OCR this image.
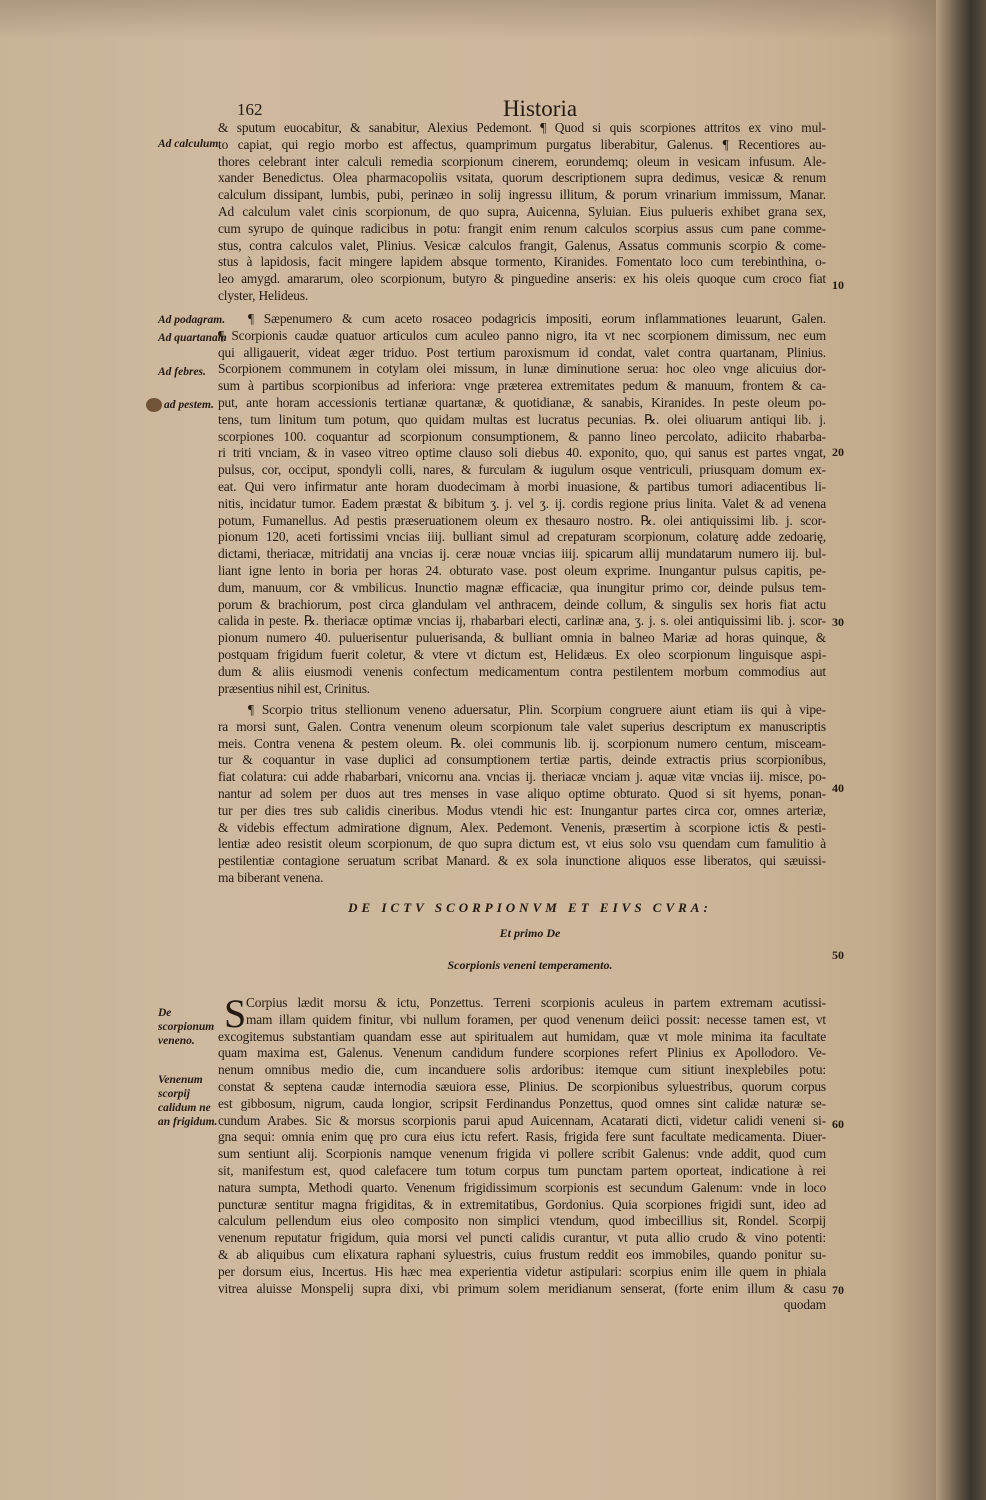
162	Historia
Ad calculum.
Ad podagram.
Ad quartanam
Ad febres.
ad pestem.
De scorpionum veneno.
Venenum scorpij calidum ne an frigidum.
10
20
30
40
50
60
70
& sputum euocabitur, & sanabitur, Alexius Pedemont. ¶ Quod si quis scorpiones attritos ex vino mul-
to capiat, qui regio morbo est affectus, quamprimum purgatus liberabitur, Galenus. ¶ Recentiores au-
thores celebrant inter calculi remedia scorpionum cinerem, eorundemq; oleum in vesicam infusum. Ale-
xander Benedictus. Olea pharmacopoliis vsitata, quorum descriptionem supra dedimus, vesicæ & renum
calculum dissipant, lumbis, pubi, perinæo in solij ingressu illitum, & porum vrinarium immissum, Manar.
Ad calculum valet cinis scorpionum, de quo supra, Auicenna, Syluian. Eius pulueris exhibet grana sex,
cum syrupo de quinque radicibus in potu: frangit enim renum calculos scorpius assus cum pane comme-
stus, contra calculos valet, Plinius. Vesicæ calculos frangit, Galenus, Assatus communis scorpio & come-
stus à lapidosis, facit mingere lapidem absque tormento, Kiranides. Fomentato loco cum terebinthina, o-
leo amygd. amararum, oleo scorpionum, butyro & pinguedine anseris: ex his oleis quoque cum croco fiat
clyster, Helideus.
¶ Sæpenumero & cum aceto rosaceo podagricis impositi, eorum inflammationes leuarunt, Galen.
¶ Scorpionis caudæ quatuor articulos cum aculeo panno nigro, ita vt nec scorpionem dimissum, nec eum
qui alligauerit, videat æger triduo. Post tertium paroxismum id condat, valet contra quartanam, Plinius.
Scorpionem communem in cotylam olei missum, in lunæ diminutione serua: hoc oleo vnge alicuius dor-
sum à partibus scorpionibus ad inferiora: vnge præterea extremitates pedum & manuum, frontem & ca-
put, ante horam accessionis tertianæ quartanæ, & quotidianæ, & sanabis, Kiranides. In peste oleum po-
tens, tum linitum tum potum, quo quidam multas est lucratus pecunias. ℞. olei oliuarum antiqui lib. j.
scorpiones 100. coquantur ad scorpionum consumptionem, & panno lineo percolato, adiicito rhabarba-
ri triti vnciam, & in vaseo vitreo optime clauso soli diebus 40. exponito, quo, qui sanus est partes vngat,
pulsus, cor, occiput, spondyli colli, nares, & furculam & iugulum osque ventriculi, priusquam domum ex-
eat. Qui vero infirmatur ante horam duodecimam à morbi inuasione, & partibus tumori adiacentibus li-
nitis, incidatur tumor. Eadem præstat & bibitum ʒ. j. vel ʒ. ij. cordis regione prius linita. Valet & ad venena
potum, Fumanellus. Ad pestis præseruationem oleum ex thesauro nostro. ℞. olei antiquissimi lib. j. scor-
pionum 120, aceti fortissimi vncias iiij. bulliant simul ad crepaturam scorpionum, colaturę adde zedoarię,
dictami, theriacæ, mitridatij ana vncias ij. ceræ nouæ vncias iiij. spicarum allij mundatarum numero iij. bul-
liant igne lento in boria per horas 24. obturato vase. post oleum exprime. Inungantur pulsus capitis, pe-
dum, manuum, cor & vmbilicus. Inunctio magnæ efficaciæ, qua inungitur primo cor, deinde pulsus tem-
porum & brachiorum, post circa glandulam vel anthracem, deinde collum, & singulis sex horis fiat actu
calida in peste. ℞. theriacæ optimæ vncias ij, rhabarbari electi, carlinæ ana, ʒ. j. s. olei antiquissimi lib. j. scor-
pionum numero 40. puluerisentur puluerisanda, & bulliant omnia in balneo Mariæ ad horas quinque, &
postquam frigidum fuerit coletur, & vtere vt dictum est, Helidæus. Ex oleo scorpionum linguisque aspi-
dum & aliis eiusmodi venenis confectum medicamentum contra pestilentem morbum commodius aut
præsentius nihil est, Crinitus.
¶ Scorpio tritus stellionum veneno aduersatur, Plin. Scorpium congruere aiunt etiam iis qui à vipe-
ra morsi sunt, Galen. Contra venenum oleum scorpionum tale valet superius descriptum ex manuscriptis
meis. Contra venena & pestem oleum. ℞. olei communis lib. ij. scorpionum numero centum, misceam-
tur & coquantur in vase duplici ad consumptionem tertiæ partis, deinde extractis prius scorpionibus,
fiat colatura: cui adde rhabarbari, vnicornu ana. vncias ij. theriacæ vnciam j. aquæ vitæ vncias iij. misce, po-
nantur ad solem per duos aut tres menses in vase aliquo optime obturato. Quod si sit hyems, ponan-
tur per dies tres sub calidis cineribus. Modus vtendi hic est: Inungantur partes circa cor, omnes arteriæ,
& videbis effectum admiratione dignum, Alex. Pedemont. Venenis, præsertim à scorpione ictis & pesti-
lentiæ adeo resistit oleum scorpionum, de quo supra dictum est, vt eius solo vsu quendam cum famulitio à
pestilentiæ contagione seruatum scribat Manard. & ex sola inunctione aliquos esse liberatos, qui sæuissi-
ma biberant venena.
DE ICTV SCORPIONVM ET EIVS CVRA:
Et primo De
Scorpionis veneni temperamento.
S Corpius lædit morsu & ictu, Ponzettus. Terreni scorpionis aculeus in partem extremam acutissi-
mam illam quidem finitur, vbi nullum foramen, per quod venenum deiici possit: necesse tamen est, vt
excogitemus substantiam quandam esse aut spiritualem aut humidam, quæ vt mole minima ita facultate
quam maxima est, Galenus. Venenum candidum fundere scorpiones refert Plinius ex Apollodoro. Ve-
nenum omnibus medio die, cum incanduere solis ardoribus: itemque cum sitiunt inexplebiles potu:
constat & septena caudæ internodia sæuiora esse, Plinius. De scorpionibus syluestribus, quorum corpus
est gibbosum, nigrum, cauda longior, scripsit Ferdinandus Ponzettus, quod omnes sint calidæ naturæ se-
cundum Arabes. Sic & morsus scorpionis parui apud Auicennam, Acatarati dicti, videtur calidi veneni si-
gna sequi: omnia enim quę pro cura eius ictu refert. Rasis, frigida fere sunt facultate medicamenta. Diuer-
sum sentiunt alij. Scorpionis namque venenum frigida vi pollere scribit Galenus: vnde addit, quod cum
sit, manifestum est, quod calefacere tum totum corpus tum punctam partem oporteat, indicatione à rei
natura sumpta, Methodi quarto. Venenum frigidissimum scorpionis est secundum Galenum: vnde in loco
puncturæ sentitur magna frigiditas, & in extremitatibus, Gordonius. Quia scorpiones frigidi sunt, ideo ad
calculum pellendum eius oleo composito non simplici vtendum, quod imbecillius sit, Rondel. Scorpij
venenum reputatur frigidum, quia morsi vel puncti calidis curantur, vt puta allio crudo & vino potenti:
& ab aliquibus cum elixatura raphani syluestris, cuius frustum reddit eos immobiles, quando ponitur su-
per dorsum eius, Incertus. His hæc mea experientia videtur astipulari: scorpius enim ille quem in phiala
vitrea aluisse Monspelij supra dixi, vbi primum solem meridianum senserat, (forte enim illum & casu
quodam
